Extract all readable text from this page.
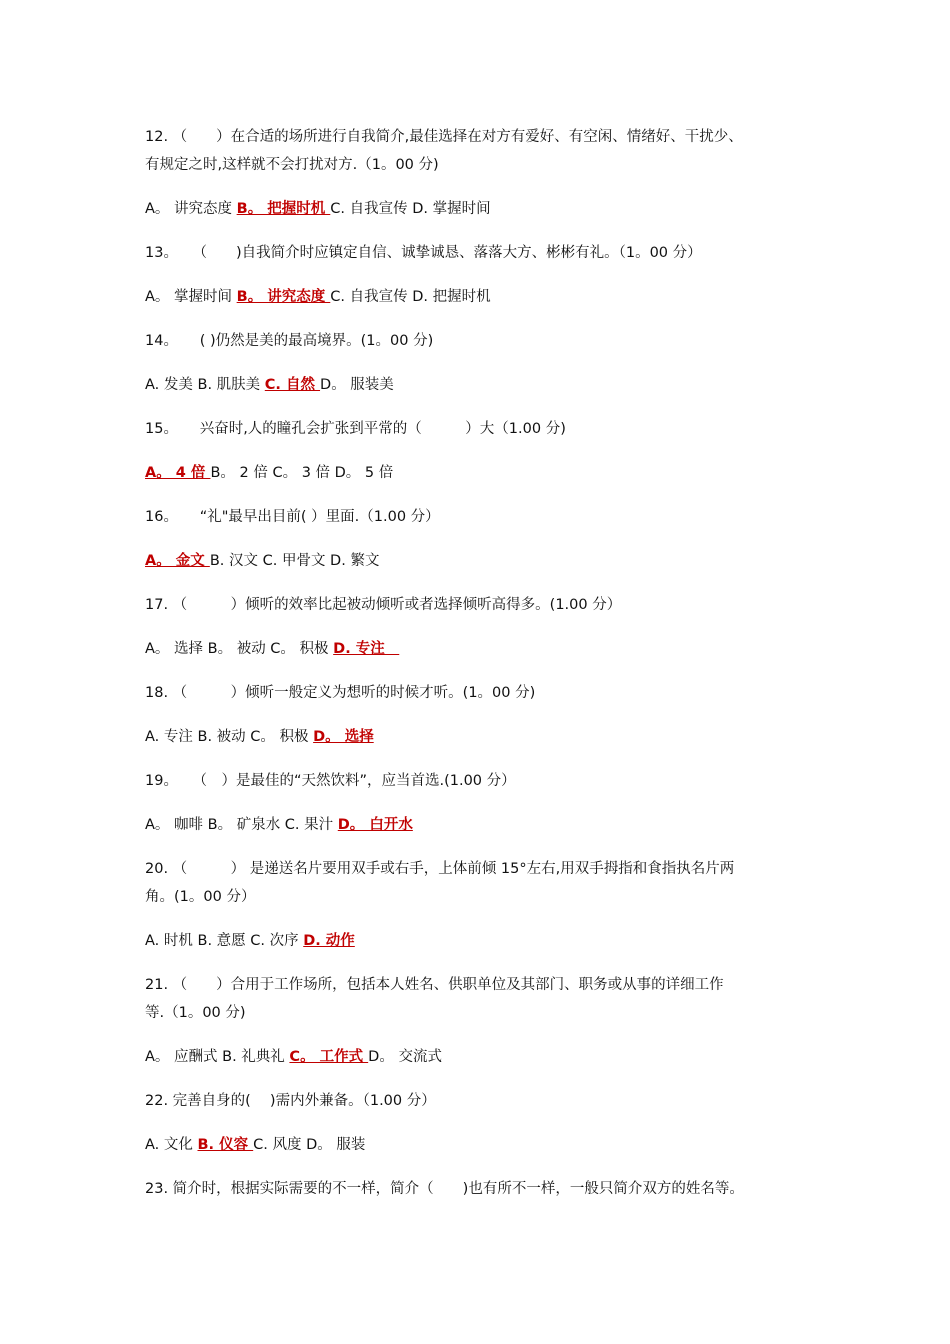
12. （　　）在合适的场所进行自我简介,最佳选择在对方有爱好、有空闲、情绪好、干扰少、
有规定之时,这样就不会打扰对方.（1。00 分)
A。 讲究态度 B。 把握时机 C. 自我宣传 D. 掌握时间
13。　　（　　)自我简介时应镇定自信、诚挚诚恳、落落大方、彬彬有礼。（1。00 分）
A。 掌握时间 B。 讲究态度 C. 自我宣传 D. 把握时机
14。　　( )仍然是美的最高境界。(1。00 分)
A. 发美 B. 肌肤美 C. 自然 D。 服装美
15。　　兴奋时,人的瞳孔会扩张到平常的（　　　）大（1.00 分)
A。 4 倍 B。 2 倍 C。 3 倍 D。 5 倍
16。　　“礼"最早出目前( ）里面.（1.00 分）
A。 金文 B. 汉文 C. 甲骨文 D. 繁文
17. （　　　）倾听的效率比起被动倾听或者选择倾听高得多。(1.00 分）
A。 选择 B。 被动 C。 积极 D. 专注　
18. （　　　）倾听一般定义为想听的时候才听。(1。00 分)
A. 专注 B. 被动 C。 积极 D。 选择
19。　　（　）是最佳的“天然饮料”，应当首选.(1.00 分）
A。 咖啡 B。 矿泉水 C. 果汁 D。 白开水
20. （　　　） 是递送名片要用双手或右手，上体前倾 15°左右,用双手拇指和食指执名片两
角。(1。00 分）
A. 时机 B. 意愿 C. 次序 D. 动作
21. （　　）合用于工作场所，包括本人姓名、供职单位及其部门、职务或从事的详细工作
等.（1。00 分)
A。 应酬式 B. 礼典礼 C。 工作式 D。 交流式
22. 完善自身的(　 )需内外兼备。（1.00 分）
A. 文化 B. 仪容 C. 风度 D。 服装
23. 简介时，根据实际需要的不一样，简介（　　)也有所不一样，一般只简介双方的姓名等。
